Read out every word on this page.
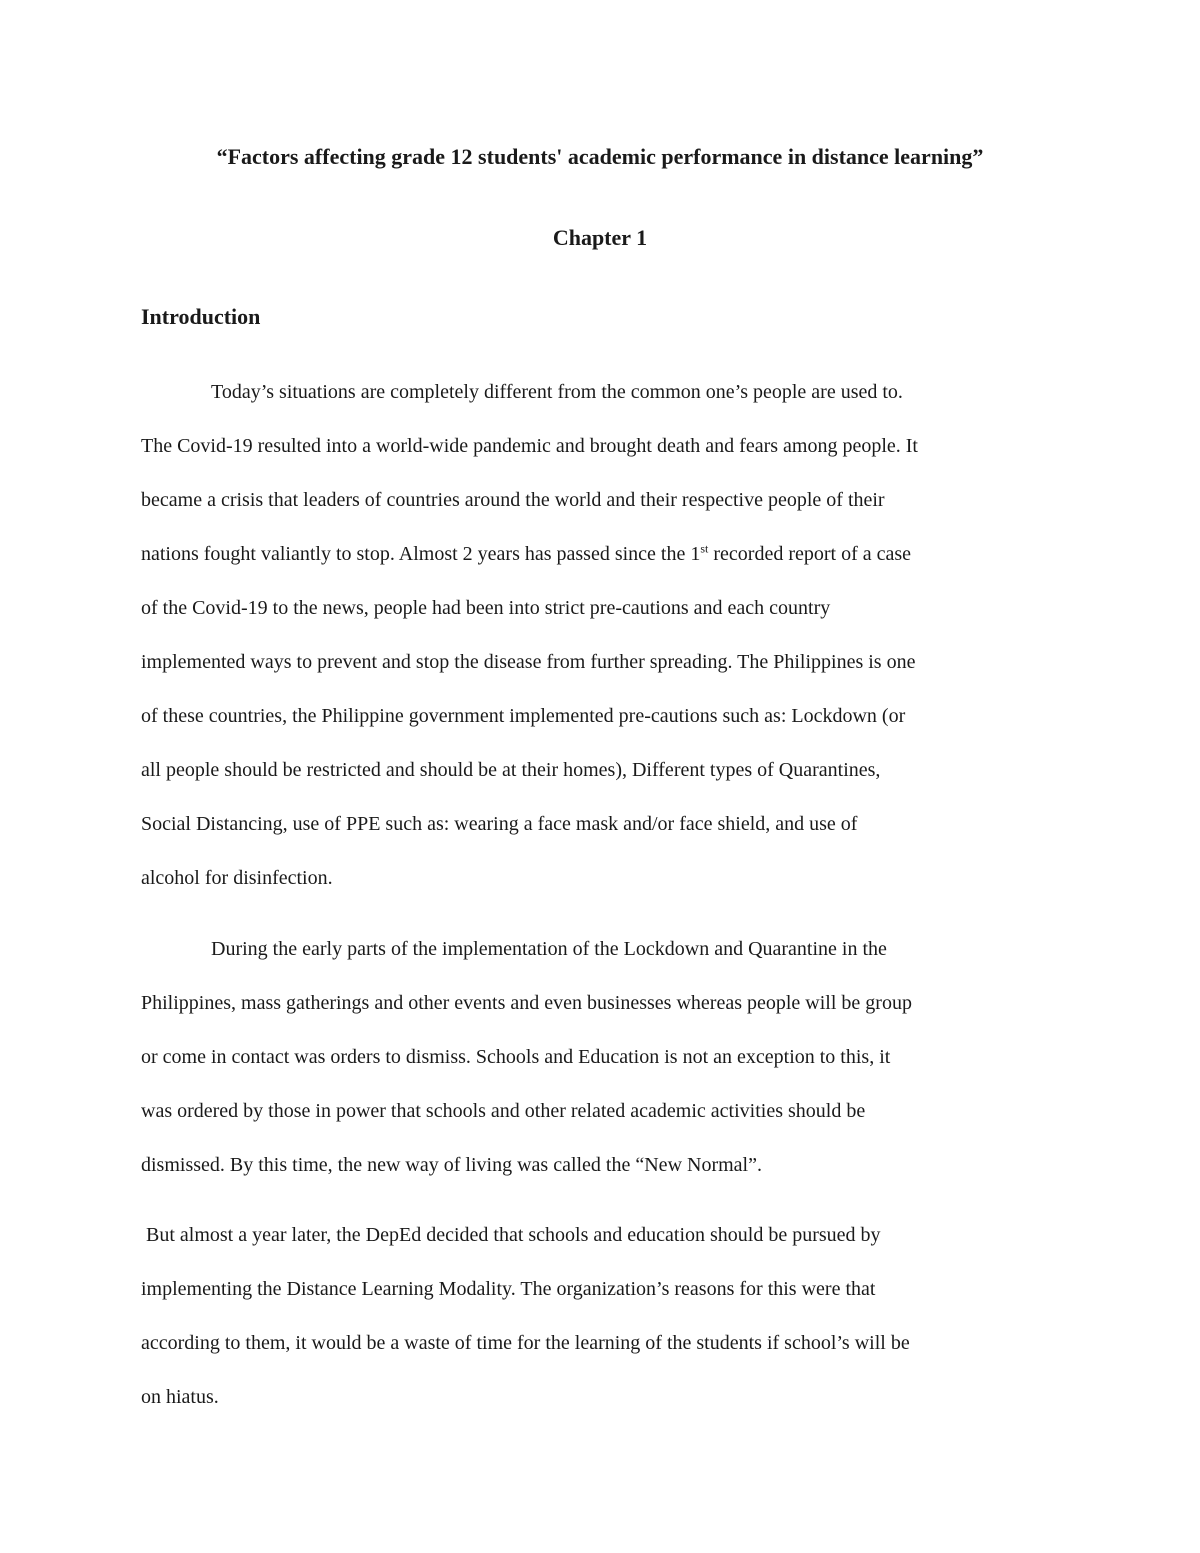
“Factors affecting grade 12 students' academic performance in distance learning”
Chapter 1
Introduction

Today’s situations are completely different from the common one’s people are used to.
The Covid-19 resulted into a world-wide pandemic and brought death and fears among people. It
became a crisis that leaders of countries around the world and their respective people of their
nations fought valiantly to stop. Almost 2 years has passed since the 1st recorded report of a case
of the Covid-19 to the news, people had been into strict pre-cautions and each country
implemented ways to prevent and stop the disease from further spreading. The Philippines is one
of these countries, the Philippine government implemented pre-cautions such as: Lockdown (or
all people should be restricted and should be at their homes), Different types of Quarantines,
Social Distancing, use of PPE such as: wearing a face mask and/or face shield, and use of
alcohol for disinfection.

During the early parts of the implementation of the Lockdown and Quarantine in the
Philippines, mass gatherings and other events and even businesses whereas people will be group
or come in contact was orders to dismiss. Schools and Education is not an exception to this, it
was ordered by those in power that schools and other related academic activities should be
dismissed. By this time, the new way of living was called the “New Normal”.

But almost a year later, the DepEd decided that schools and education should be pursued by
implementing the Distance Learning Modality. The organization’s reasons for this were that
according to them, it would be a waste of time for the learning of the students if school’s will be
on hiatus.
